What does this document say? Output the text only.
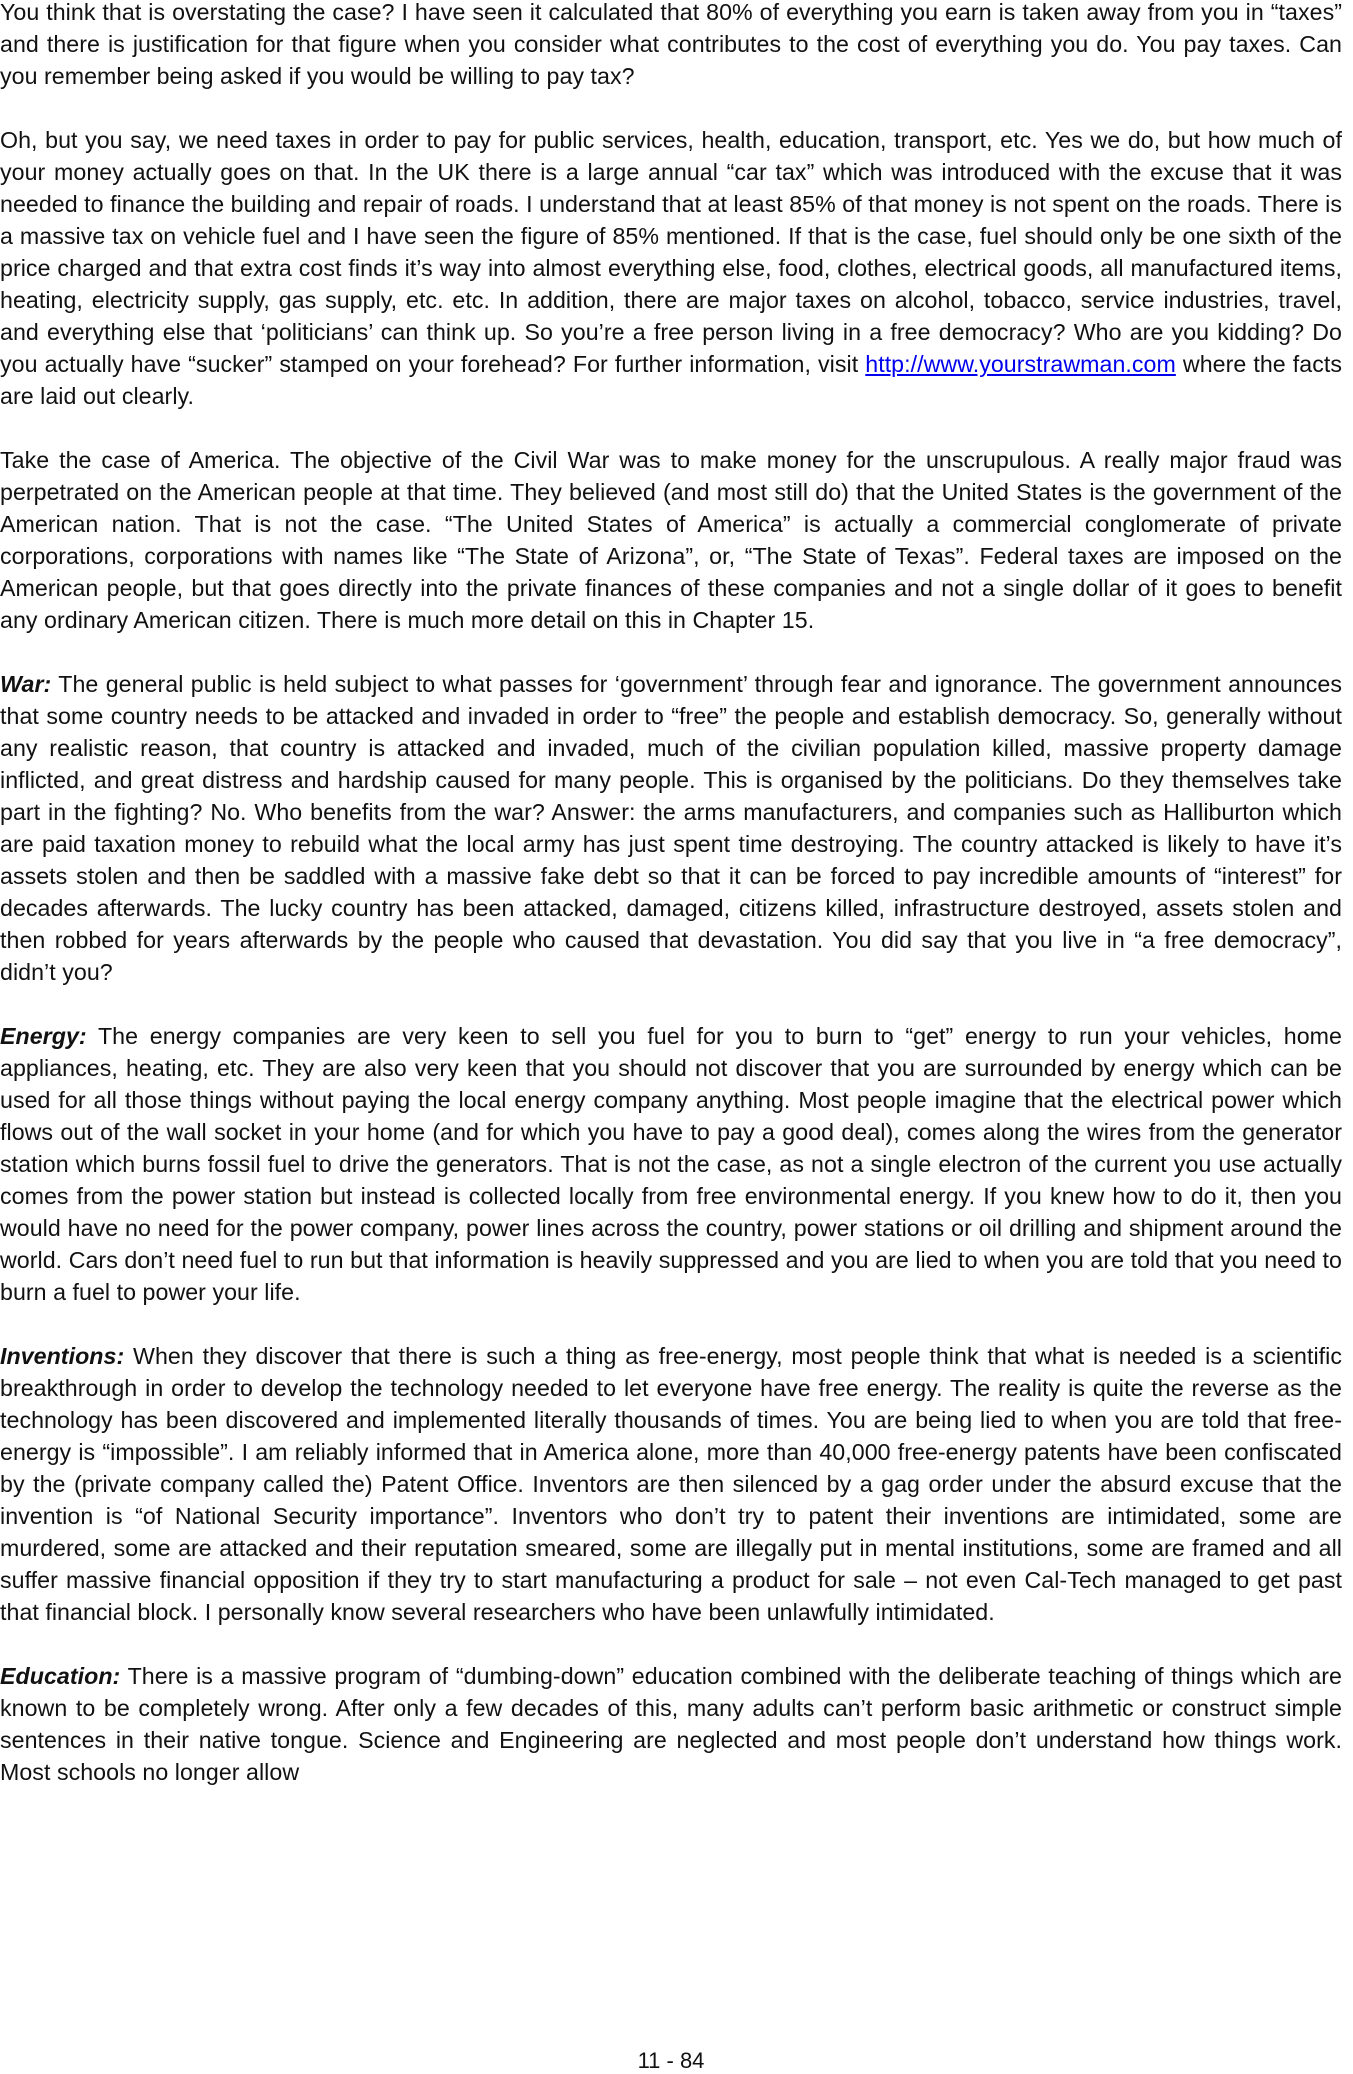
You think that is overstating the case? I have seen it calculated that 80% of everything you earn is taken away from you in “taxes” and there is justification for that figure when you consider what contributes to the cost of everything you do. You pay taxes. Can you remember being asked if you would be willing to pay tax?

Oh, but you say, we need taxes in order to pay for public services, health, education, transport, etc. Yes we do, but how much of your money actually goes on that. In the UK there is a large annual “car tax” which was introduced with the excuse that it was needed to finance the building and repair of roads. I understand that at least 85% of that money is not spent on the roads. There is a massive tax on vehicle fuel and I have seen the figure of 85% mentioned. If that is the case, fuel should only be one sixth of the price charged and that extra cost finds it’s way into almost everything else, food, clothes, electrical goods, all manufactured items, heating, electricity supply, gas supply, etc. etc. In addition, there are major taxes on alcohol, tobacco, service industries, travel, and everything else that ‘politicians’ can think up. So you’re a free person living in a free democracy? Who are you kidding? Do you actually have “sucker” stamped on your forehead? For further information, visit http://www.yourstrawman.com where the facts are laid out clearly.

Take the case of America. The objective of the Civil War was to make money for the unscrupulous. A really major fraud was perpetrated on the American people at that time. They believed (and most still do) that the United States is the government of the American nation. That is not the case. “The United States of America” is actually a commercial conglomerate of private corporations, corporations with names like “The State of Arizona”, or, “The State of Texas”. Federal taxes are imposed on the American people, but that goes directly into the private finances of these companies and not a single dollar of it goes to benefit any ordinary American citizen. There is much more detail on this in Chapter 15.

War: The general public is held subject to what passes for ‘government’ through fear and ignorance. The government announces that some country needs to be attacked and invaded in order to “free” the people and establish democracy. So, generally without any realistic reason, that country is attacked and invaded, much of the civilian population killed, massive property damage inflicted, and great distress and hardship caused for many people. This is organised by the politicians. Do they themselves take part in the fighting? No. Who benefits from the war? Answer: the arms manufacturers, and companies such as Halliburton which are paid taxation money to rebuild what the local army has just spent time destroying. The country attacked is likely to have it’s assets stolen and then be saddled with a massive fake debt so that it can be forced to pay incredible amounts of “interest” for decades afterwards. The lucky country has been attacked, damaged, citizens killed, infrastructure destroyed, assets stolen and then robbed for years afterwards by the people who caused that devastation. You did say that you live in “a free democracy”, didn’t you?

Energy: The energy companies are very keen to sell you fuel for you to burn to “get” energy to run your vehicles, home appliances, heating, etc. They are also very keen that you should not discover that you are surrounded by energy which can be used for all those things without paying the local energy company anything. Most people imagine that the electrical power which flows out of the wall socket in your home (and for which you have to pay a good deal), comes along the wires from the generator station which burns fossil fuel to drive the generators. That is not the case, as not a single electron of the current you use actually comes from the power station but instead is collected locally from free environmental energy. If you knew how to do it, then you would have no need for the power company, power lines across the country, power stations or oil drilling and shipment around the world. Cars don’t need fuel to run but that information is heavily suppressed and you are lied to when you are told that you need to burn a fuel to power your life.

Inventions: When they discover that there is such a thing as free-energy, most people think that what is needed is a scientific breakthrough in order to develop the technology needed to let everyone have free energy. The reality is quite the reverse as the technology has been discovered and implemented literally thousands of times. You are being lied to when you are told that free-energy is “impossible”. I am reliably informed that in America alone, more than 40,000 free-energy patents have been confiscated by the (private company called the) Patent Office. Inventors are then silenced by a gag order under the absurd excuse that the invention is “of National Security importance”. Inventors who don’t try to patent their inventions are intimidated, some are murdered, some are attacked and their reputation smeared, some are illegally put in mental institutions, some are framed and all suffer massive financial opposition if they try to start manufacturing a product for sale – not even Cal-Tech managed to get past that financial block. I personally know several researchers who have been unlawfully intimidated.

Education: There is a massive program of “dumbing-down” education combined with the deliberate teaching of things which are known to be completely wrong. After only a few decades of this, many adults can’t perform basic arithmetic or construct simple sentences in their native tongue. Science and Engineering are neglected and most people don’t understand how things work. Most schools no longer allow

11 - 84
